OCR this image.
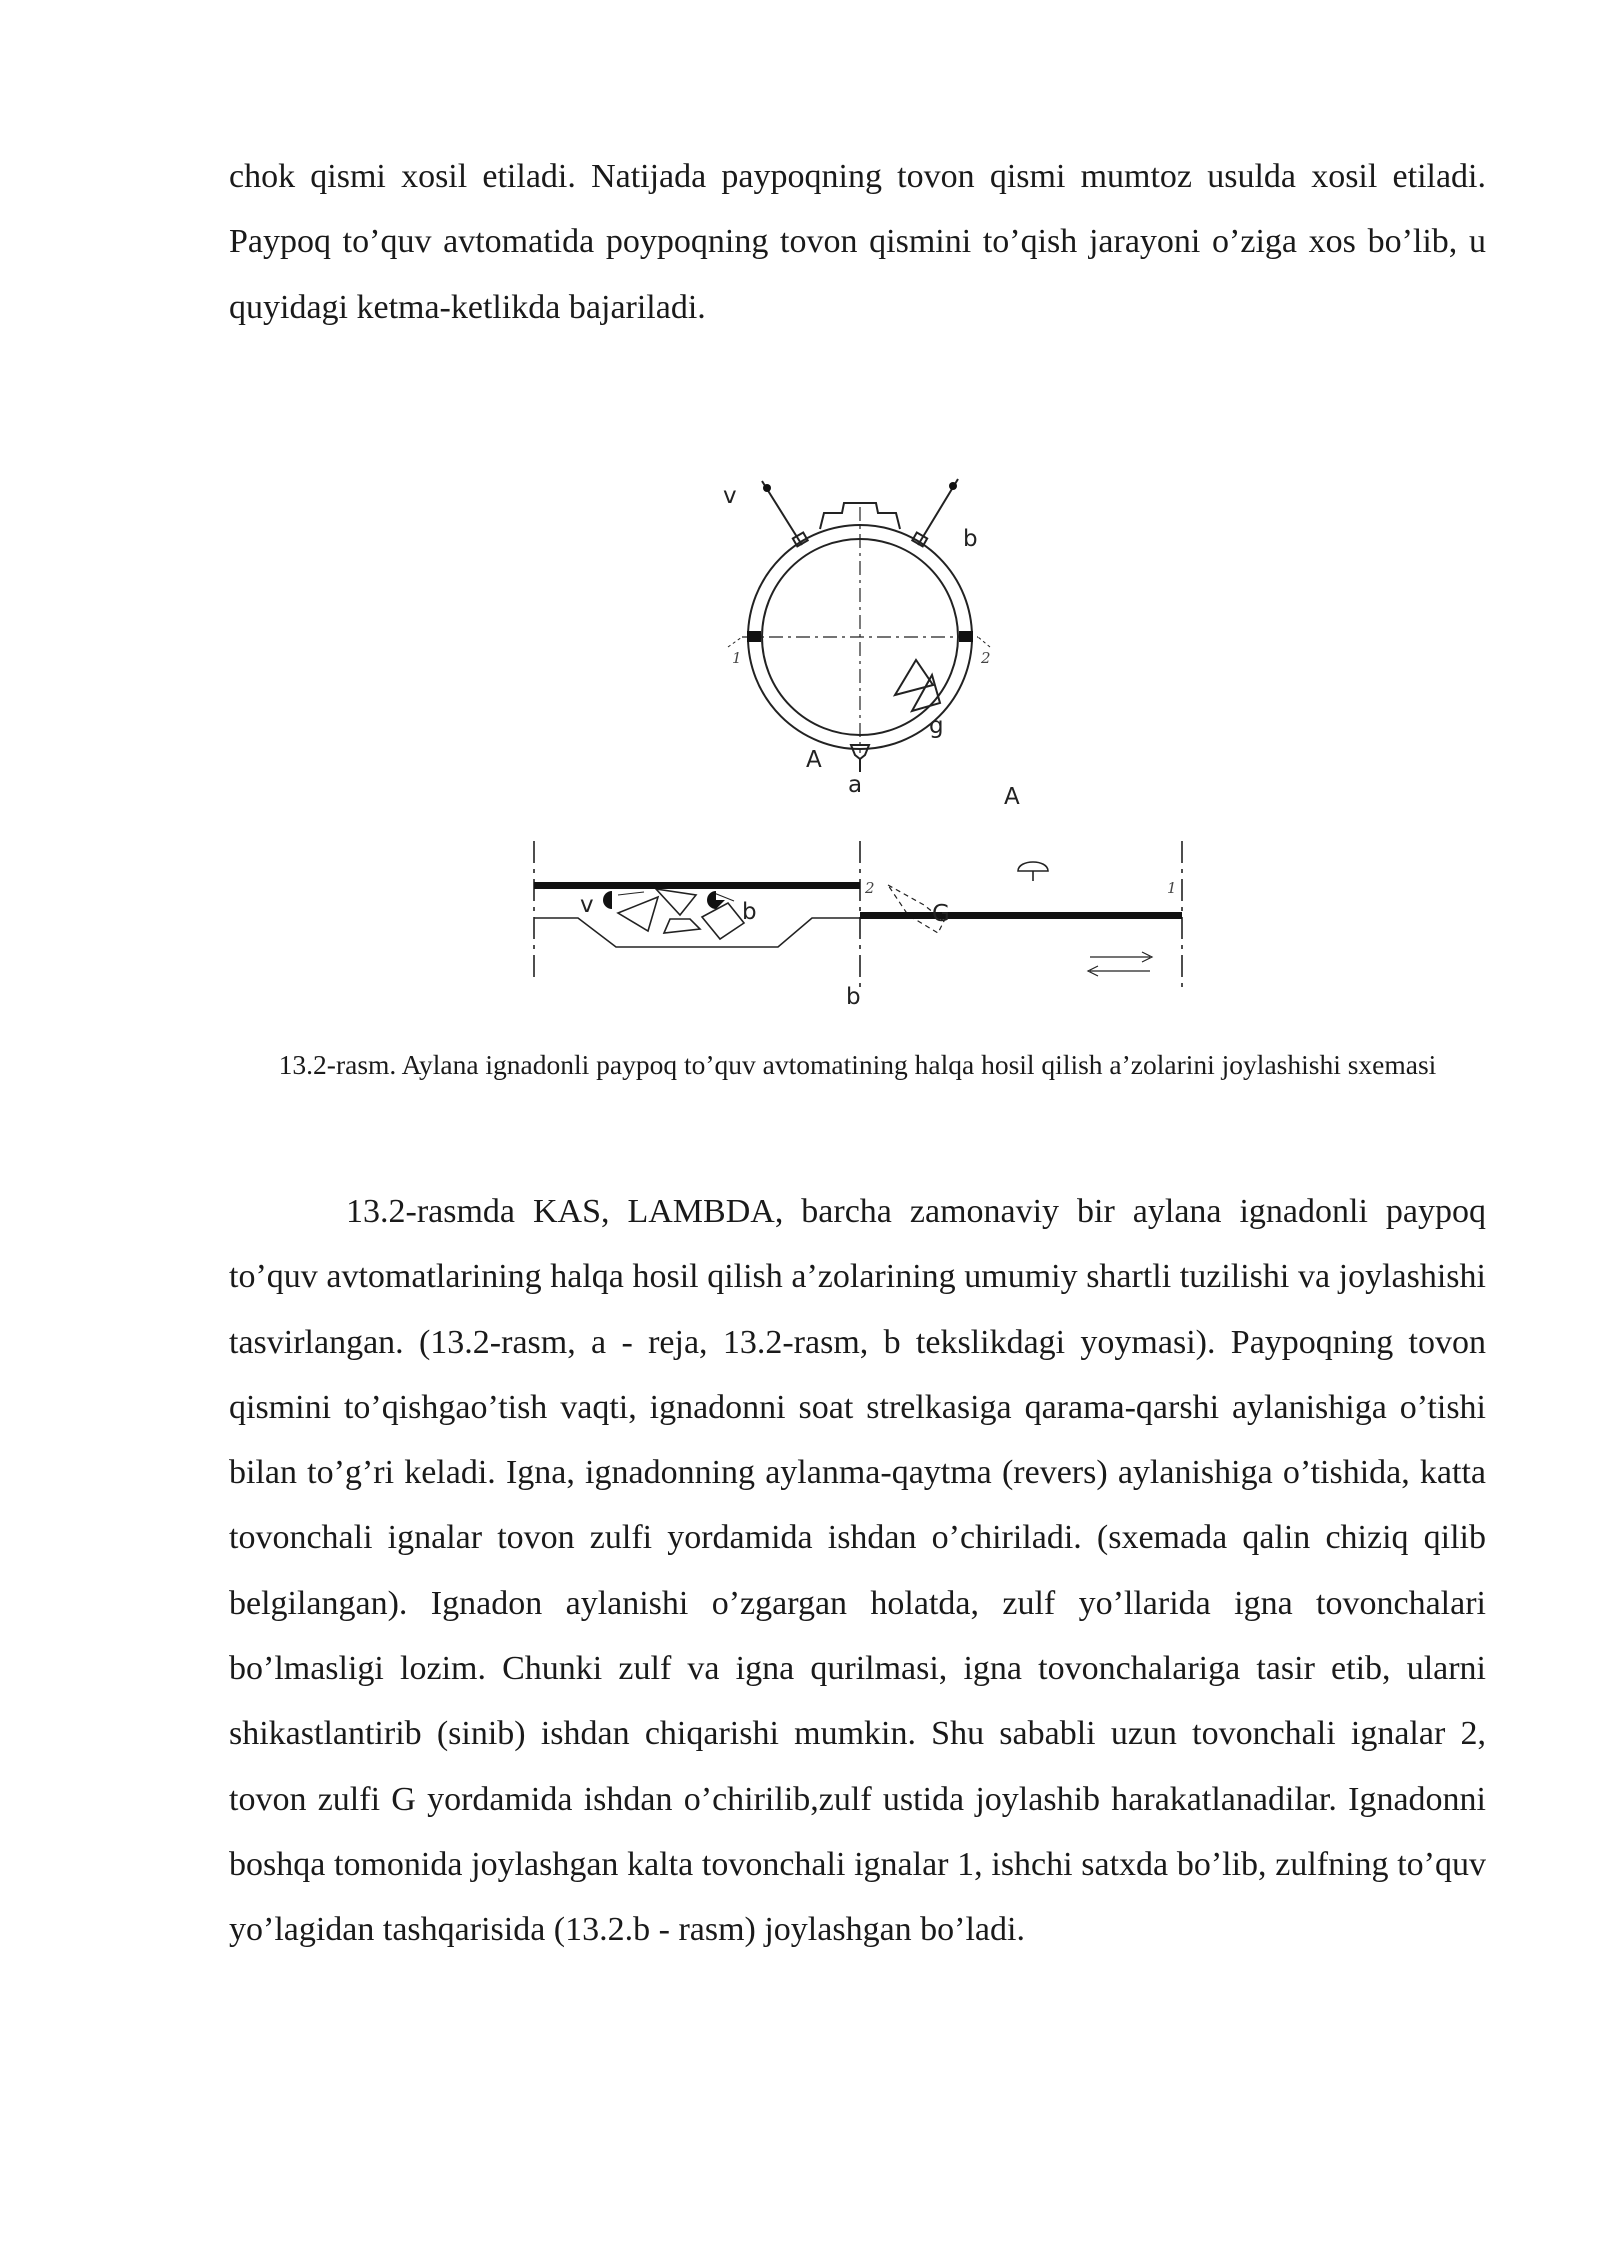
chok qismi xosil etiladi. Natijada paypoqning tovon qismi mumtoz usulda xosil etiladi. Paypoq to’quv avtomatida poypoqning tovon qismini to’qish jarayoni o’ziga xos bo’lib, u quyidagi ketma-ketlikda bajariladi.

v
b
1	2
g
A
a	A
v	b
2	1
G
b

13.2-rasm. Aylana ignadonli paypoq to’quv avtomatining halqa hosil qilish a’zolarini joylashishi sxemasi

13.2-rasmda KAS, LAMBDA, barcha zamonaviy bir aylana ignadonli paypoq to’quv avtomatlarining halqa hosil qilish a’zolarining umumiy shartli tuzilishi va joylashishi tasvirlangan. (13.2-rasm, a - reja, 13.2-rasm, b tekslikdagi yoymasi). Paypoqning tovon qismini to’qishgao’tish vaqti, ignadonni soat strelkasiga qarama-qarshi aylanishiga o’tishi bilan to’g’ri keladi. Igna, ignadonning aylanma-qaytma (revers) aylanishiga o’tishida, katta tovonchali ignalar tovon zulfi yordamida ishdan o’chiriladi. (sxemada qalin chiziq qilib belgilangan). Ignadon aylanishi o’zgargan holatda, zulf yo’llarida igna tovonchalari bo’lmasligi lozim. Chunki zulf va igna qurilmasi, igna tovonchalariga tasir etib, ularni shikastlantirib (sinib) ishdan chiqarishi mumkin. Shu sababli uzun tovonchali ignalar 2, tovon zulfi G yordamida ishdan o’chirilib,zulf ustida joylashib harakatlanadilar. Ignadonni boshqa tomonida joylashgan kalta tovonchali ignalar 1, ishchi satxda bo’lib, zulfning to’quv yo’lagidan tashqarisida (13.2.b - rasm) joylashgan bo’ladi.
